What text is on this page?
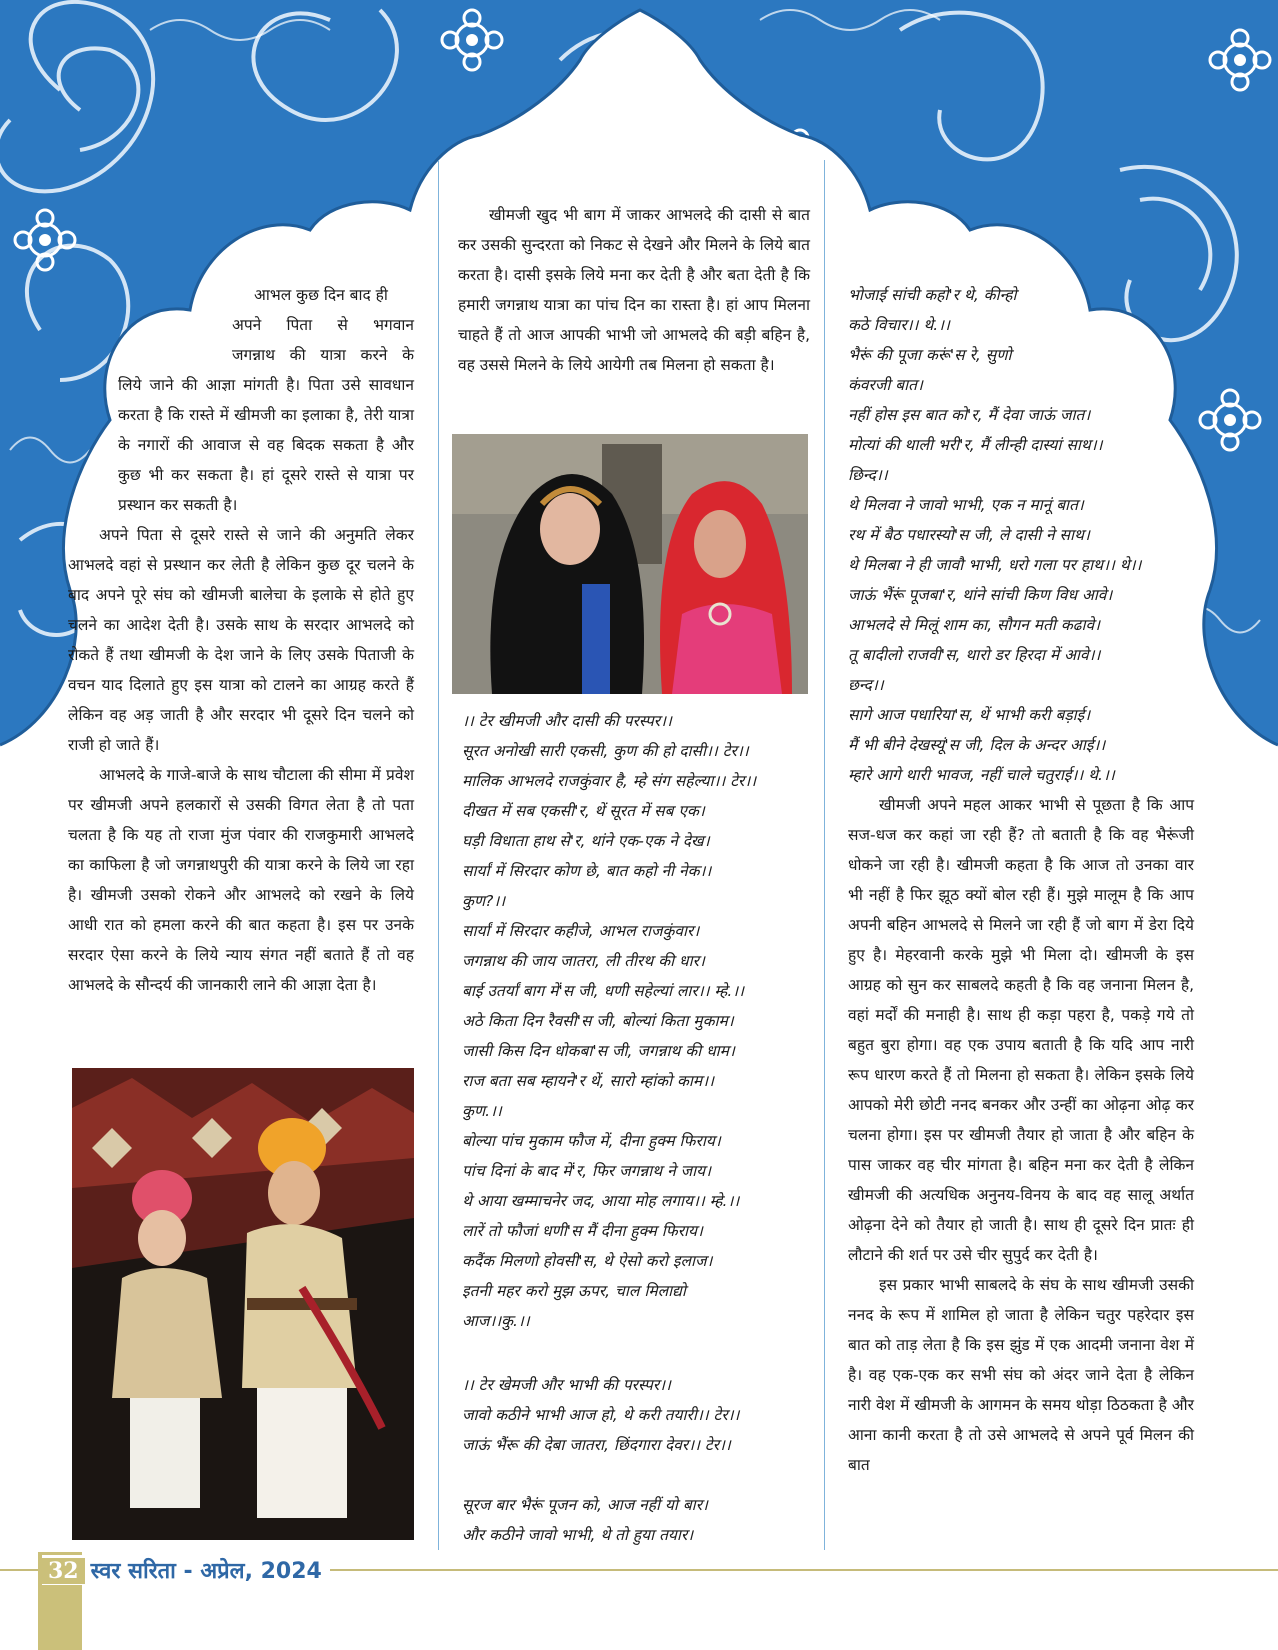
आभल कुछ दिन बाद ही

अपने पिता से भगवान

जगन्नाथ की यात्रा करने के

लिये जाने की आज्ञा मांगती है। पिता उसे सावधान करता है कि रास्ते में खीमजी का इलाका है, तेरी यात्रा के नगारों की आवाज से वह बिदक सकता है और कुछ भी कर सकता है। हां दूसरे रास्ते से यात्रा पर प्रस्थान कर सकती है।

अपने पिता से दूसरे रास्ते से जाने की अनुमति लेकर आभलदे वहां से प्रस्थान कर लेती है लेकिन कुछ दूर चलने के बाद अपने पूरे संघ को खीमजी बालेचा के इलाके से होते हुए चलने का आदेश देती है। उसके साथ के सरदार आभलदे को रोकते हैं तथा खीमजी के देश जाने के लिए उसके पिताजी के वचन याद दिलाते हुए इस यात्रा को टालने का आग्रह करते हैं लेकिन वह अड़ जाती है और सरदार भी दूसरे दिन चलने को राजी हो जाते हैं।

आभलदे के गाजे-बाजे के साथ चौटाला की सीमा में प्रवेश पर खीमजी अपने हलकारों से उसकी विगत लेता है तो पता चलता है कि यह तो राजा मुंज पंवार की राजकुमारी आभलदे का काफिला है जो जगन्नाथपुरी की यात्रा करने के लिये जा रहा है। खीमजी उसको रोकने और आभलदे को रखने के लिये आधी रात को हमला करने की बात कहता है। इस पर उनके सरदार ऐसा करने के लिये न्याय संगत नहीं बताते हैं तो वह आभलदे के सौन्दर्य की जानकारी लाने की आज्ञा देता है।

खीमजी खुद भी बाग में जाकर आभलदे की दासी से बात कर उसकी सुन्दरता को निकट से देखने और मिलने के लिये बात करता है। दासी इसके लिये मना कर देती है और बता देती है कि हमारी जगन्नाथ यात्रा का पांच दिन का रास्ता है। हां आप मिलना चाहते हैं तो आज आपकी भाभी जो आभलदे की बड़ी बहिन है, वह उससे मिलने के लिये आयेगी तब मिलना हो सकता है।

।। टेर खीमजी और दासी की परस्पर।।

सूरत अनोखी सारी एकसी, कुण की हो दासी।। टेर।।

मालिक आभलदे राजकुंवार है, म्हे संग सहेल्या।। टेर।।

दीखत में सब एकसी'र, थें सूरत में सब एक।

घड़ी विधाता हाथ से'र, थांने एक-एक ने देख।

सार्यां में सिरदार कोण छे, बात कहो नी नेक।।

कुण?।।

सार्यां में सिरदार कहीजे, आभल राजकुंवार।

जगन्नाथ की जाय जातरा, ली तीरथ की धार।

बाई उतर्यां बाग में'स जी, धणी सहेल्यां लार।। म्हे.।।

अठे किता दिन रैवसी'स जी, बोल्यां किता मुकाम।

जासी किस दिन धोकबा'स जी, जगन्नाथ की धाम।

राज बता सब म्हायने'र थें, सारो म्हांको काम।।

कुण.।।

बोल्या पांच मुकाम फौज में, दीना हुक्म फिराय।

पांच दिनां के बाद में'र, फिर जगन्नाथ ने जाय।

थे आया खम्माचनेर जद, आया मोह लगाय।। म्हे.।।

लारें तो फौजां धणी'स मैं दीना हुक्म फिराय।

कदैंक मिलणो होवसी'स, थे ऐसो करो इलाज।

इतनी महर करो मुझ ऊपर, चाल मिलाद्यो

आज।।कु.।।

।। टेर खेमजी और भाभी की परस्पर।।

जावो कठीने भाभी आज हो, थे करी तयारी।। टेर।।

जाऊं भैंरू की देबा जातरा, छिंदगारा देवर।। टेर।।

सूरज बार भैरूं पूजन को, आज नहीं यो बार।

और कठीने जावो भाभी, थे तो हुया तयार।

भोजाई सांची कहो'र थे, कीन्हो

कठे विचार।। थे.।।

भैरूं की पूजा करूं'स रे, सुणो

कंवरजी बात।

नहीं होस इस बात को'र, मैं देवा जाऊं जात।

मोत्यां की थाली भरी'र, मैं लीन्ही दास्यां साथ।।

छिन्द।।

थे मिलवा ने जावो भाभी, एक न मानूं बात।

रथ में बैठ पधारस्यो'स जी, ले दासी ने साथ।

थे मिलबा ने ही जावौ भाभी, धरो गला पर हाथ।। थे।।

जाऊं भैंरूं पूजबा'र, थांने सांची किण विध आवे।

आभलदे से मिलूं शाम का, सौगन मती कढावे।

तू बादीलो राजवी'स, थारो डर हिरदा में आवे।।

छन्द।।

सागे आज पधारिया'स, थें भाभी करी बड़ाई।

मैं भी बीने देखस्यूं'स जी, दिल के अन्दर आई।।

म्हारे आगे थारी भावज, नहीं चाले चतुराई।। थे.।।

खीमजी अपने महल आकर भाभी से पूछता है कि आप सज-धज कर कहां जा रही हैं? तो बताती है कि वह भैरूंजी धोकने जा रही है। खीमजी कहता है कि आज तो उनका वार भी नहीं है फिर झूठ क्यों बोल रही हैं। मुझे मालूम है कि आप अपनी बहिन आभलदे से मिलने जा रही हैं जो बाग में डेरा दिये हुए है। मेहरवानी करके मुझे भी मिला दो। खीमजी के इस आग्रह को सुन कर साबलदे कहती है कि वह जनाना मिलन है, वहां मर्दों की मनाही है। साथ ही कड़ा पहरा है, पकड़े गये तो बहुत बुरा होगा। वह एक उपाय बताती है कि यदि आप नारी रूप धारण करते हैं तो मिलना हो सकता है। लेकिन इसके लिये आपको मेरी छोटी ननद बनकर और उन्हीं का ओढ़ना ओढ़ कर चलना होगा। इस पर खीमजी तैयार हो जाता है और बहिन के पास जाकर वह चीर मांगता है। बहिन मना कर देती है लेकिन खीमजी की अत्यधिक अनुनय-विनय के बाद वह सालू अर्थात ओढ़ना देने को तैयार हो जाती है। साथ ही दूसरे दिन प्रातः ही लौटाने की शर्त पर उसे चीर सुपुर्द कर देती है।

इस प्रकार भाभी साबलदे के संघ के साथ खीमजी उसकी ननद के रूप में शामिल हो जाता है लेकिन चतुर पहरेदार इस बात को ताड़ लेता है कि इस झुंड में एक आदमी जनाना वेश में है। वह एक-एक कर सभी संघ को अंदर जाने देता है लेकिन नारी वेश में खीमजी के आगमन के समय थोड़ा ठिठकता है और आना कानी करता है तो उसे आभलदे से अपने पूर्व मिलन की बात

32 स्वर सरिता - अप्रेल, 2024
